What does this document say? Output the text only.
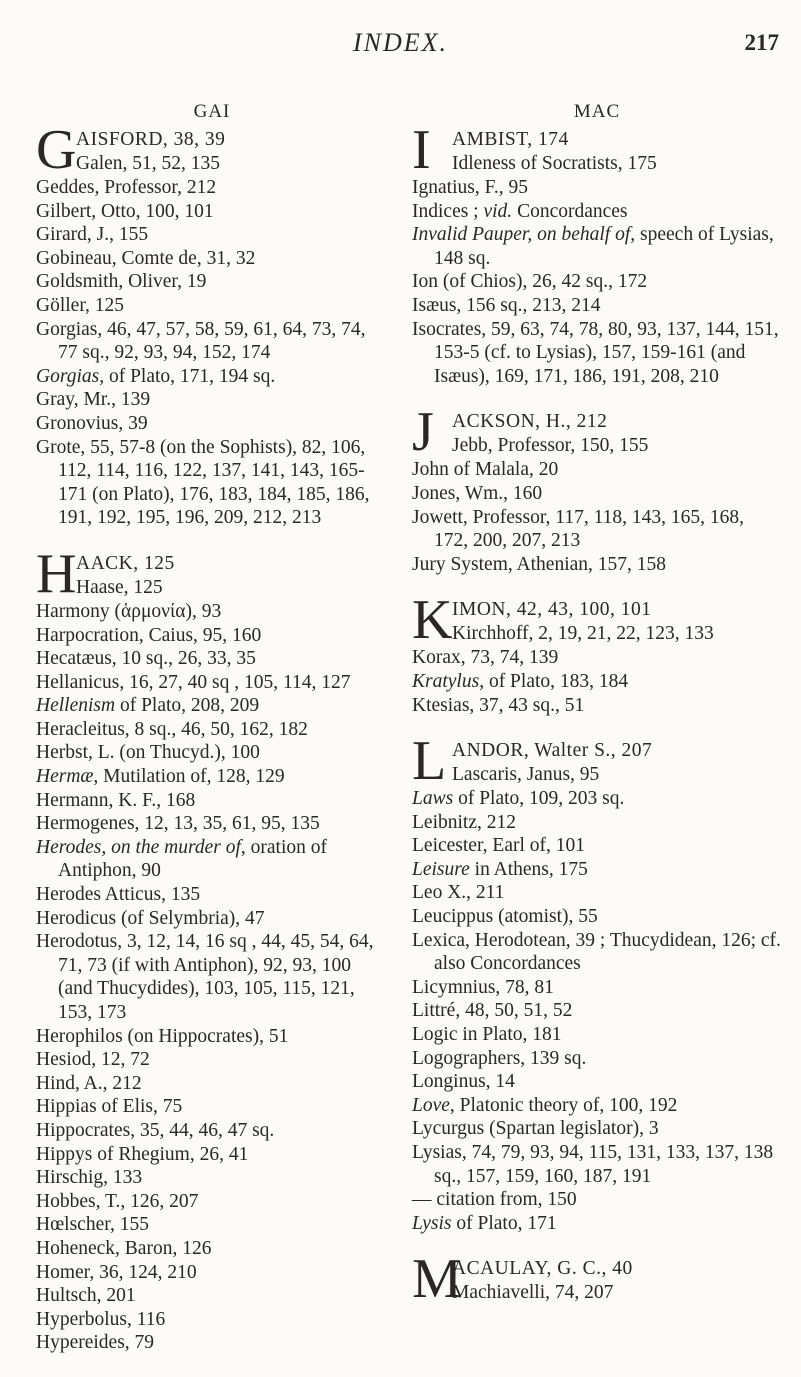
INDEX.	217
GAI
G AISFORD, 38, 39
Galen, 51, 52, 135
Geddes, Professor, 212
Gilbert, Otto, 100, 101
Girard, J., 155
Gobineau, Comte de, 31, 32
Goldsmith, Oliver, 19
Göller, 125
Gorgias, 46, 47, 57, 58, 59, 61, 64, 73, 74, 77 sq., 92, 93, 94, 152, 174
Gorgias, of Plato, 171, 194 sq.
Gray, Mr., 139
Gronovius, 39
Grote, 55, 57-8 (on the Sophists), 82, 106, 112, 114, 116, 122, 137, 141, 143, 165-171 (on Plato), 176, 183, 184, 185, 186, 191, 192, 195, 196, 209, 212, 213
H AACK, 125
Haase, 125
Harmony (ἁρμονία), 93
Harpocration, Caius, 95, 160
Hecatæus, 10 sq., 26, 33, 35
Hellanicus, 16, 27, 40 sq , 105, 114, 127
Hellenism of Plato, 208, 209
Heracleitus, 8 sq., 46, 50, 162, 182
Herbst, L. (on Thucyd.), 100
Hermæ, Mutilation of, 128, 129
Hermann, K. F., 168
Hermogenes, 12, 13, 35, 61, 95, 135
Herodes, on the murder of, oration of Antiphon, 90
Herodes Atticus, 135
Herodicus (of Selymbria), 47
Herodotus, 3, 12, 14, 16 sq , 44, 45, 54, 64, 71, 73 (if with Antiphon), 92, 93, 100 (and Thucydides), 103, 105, 115, 121, 153, 173
Herophilos (on Hippocrates), 51
Hesiod, 12, 72
Hind, A., 212
Hippias of Elis, 75
Hippocrates, 35, 44, 46, 47 sq.
Hippys of Rhegium, 26, 41
Hirschig, 133
Hobbes, T., 126, 207
Hœlscher, 155
Hoheneck, Baron, 126
Homer, 36, 124, 210
Hultsch, 201
Hyperbolus, 116
Hypereides, 79
MAC
I AMBIST, 174
Idleness of Socratists, 175
Ignatius, F., 95
Indices ; vid. Concordances
Invalid Pauper, on behalf of, speech of Lysias, 148 sq.
Ion (of Chios), 26, 42 sq., 172
Isæus, 156 sq., 213, 214
Isocrates, 59, 63, 74, 78, 80, 93, 137, 144, 151, 153-5 (cf. to Lysias), 157, 159-161 (and Isæus), 169, 171, 186, 191, 208, 210
J ACKSON, H., 212
Jebb, Professor, 150, 155
John of Malala, 20
Jones, Wm., 160
Jowett, Professor, 117, 118, 143, 165, 168, 172, 200, 207, 213
Jury System, Athenian, 157, 158
K IMON, 42, 43, 100, 101
Kirchhoff, 2, 19, 21, 22, 123, 133
Korax, 73, 74, 139
Kratylus, of Plato, 183, 184
Ktesias, 37, 43 sq., 51
L ANDOR, Walter S., 207
Lascaris, Janus, 95
Laws of Plato, 109, 203 sq.
Leibnitz, 212
Leicester, Earl of, 101
Leisure in Athens, 175
Leo X., 211
Leucippus (atomist), 55
Lexica, Herodotean, 39 ; Thucydidean, 126; cf. also Concordances
Licymnius, 78, 81
Littré, 48, 50, 51, 52
Logic in Plato, 181
Logographers, 139 sq.
Longinus, 14
Love, Platonic theory of, 100, 192
Lycurgus (Spartan legislator), 3
Lysias, 74, 79, 93, 94, 115, 131, 133, 137, 138 sq., 157, 159, 160, 187, 191
— citation from, 150
Lysis of Plato, 171
M
ACAULAY, G. C., 40
Machiavelli, 74, 207
